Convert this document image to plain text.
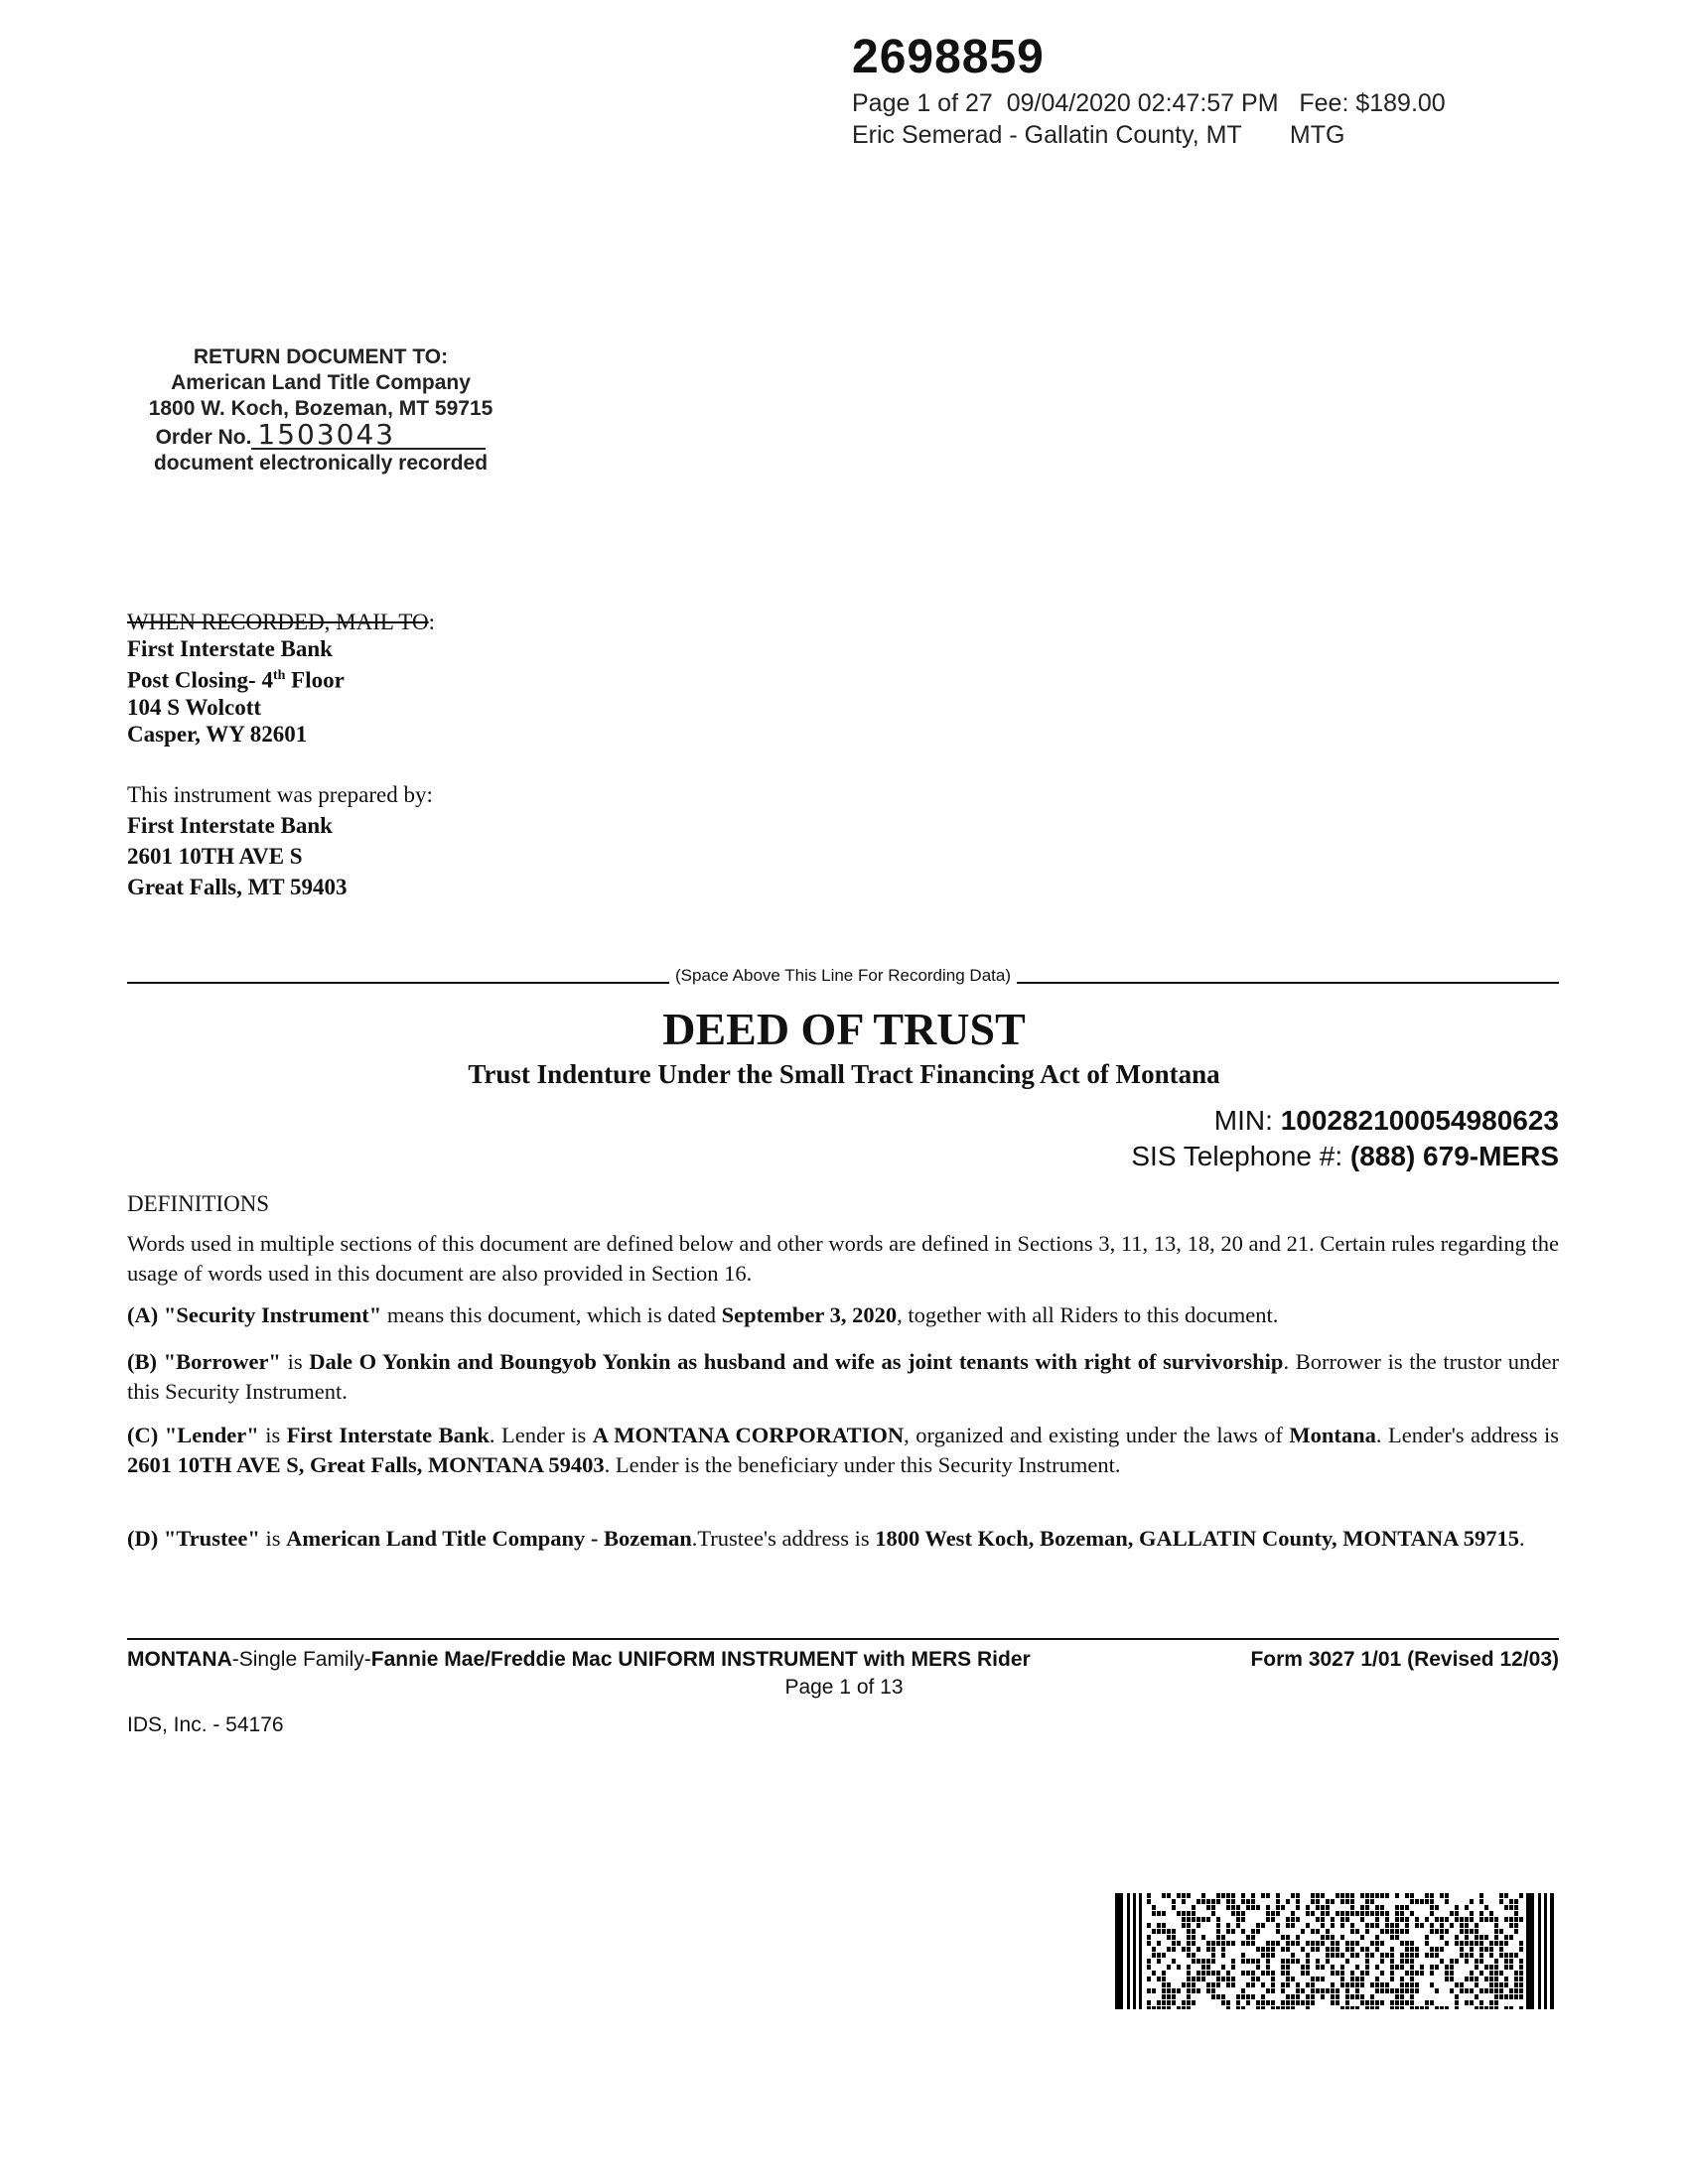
2698859
Page 1 of 27 09/04/2020 02:47:57 PM Fee: $189.00
Eric Semerad - Gallatin County, MT MTG
RETURN DOCUMENT TO:
American Land Title Company
1800 W. Koch, Bozeman, MT 59715
Order No. 1503043
document electronically recorded
WHEN RECORDED, MAIL TO:
First Interstate Bank
Post Closing- 4th Floor
104 S Wolcott
Casper, WY 82601
This instrument was prepared by:
First Interstate Bank
2601 10TH AVE S
Great Falls, MT 59403
(Space Above This Line For Recording Data)
DEED OF TRUST
Trust Indenture Under the Small Tract Financing Act of Montana
MIN: 100282100054980623
SIS Telephone #: (888) 679-MERS
DEFINITIONS
Words used in multiple sections of this document are defined below and other words are defined in Sections 3, 11, 13, 18, 20 and 21. Certain rules regarding the usage of words used in this document are also provided in Section 16.
(A) "Security Instrument" means this document, which is dated September 3, 2020, together with all Riders to this document.
(B) "Borrower" is Dale O Yonkin and Boungyob Yonkin as husband and wife as joint tenants with right of survivorship. Borrower is the trustor under this Security Instrument.
(C) "Lender" is First Interstate Bank. Lender is A MONTANA CORPORATION, organized and existing under the laws of Montana. Lender's address is 2601 10TH AVE S, Great Falls, MONTANA 59403. Lender is the beneficiary under this Security Instrument.
(D) "Trustee" is American Land Title Company - Bozeman.Trustee's address is 1800 West Koch, Bozeman, GALLATIN County, MONTANA 59715.
MONTANA-Single Family-Fannie Mae/Freddie Mac UNIFORM INSTRUMENT with MERS Rider	Form 3027 1/01 (Revised 12/03)
Page 1 of 13
IDS, Inc. - 54176
